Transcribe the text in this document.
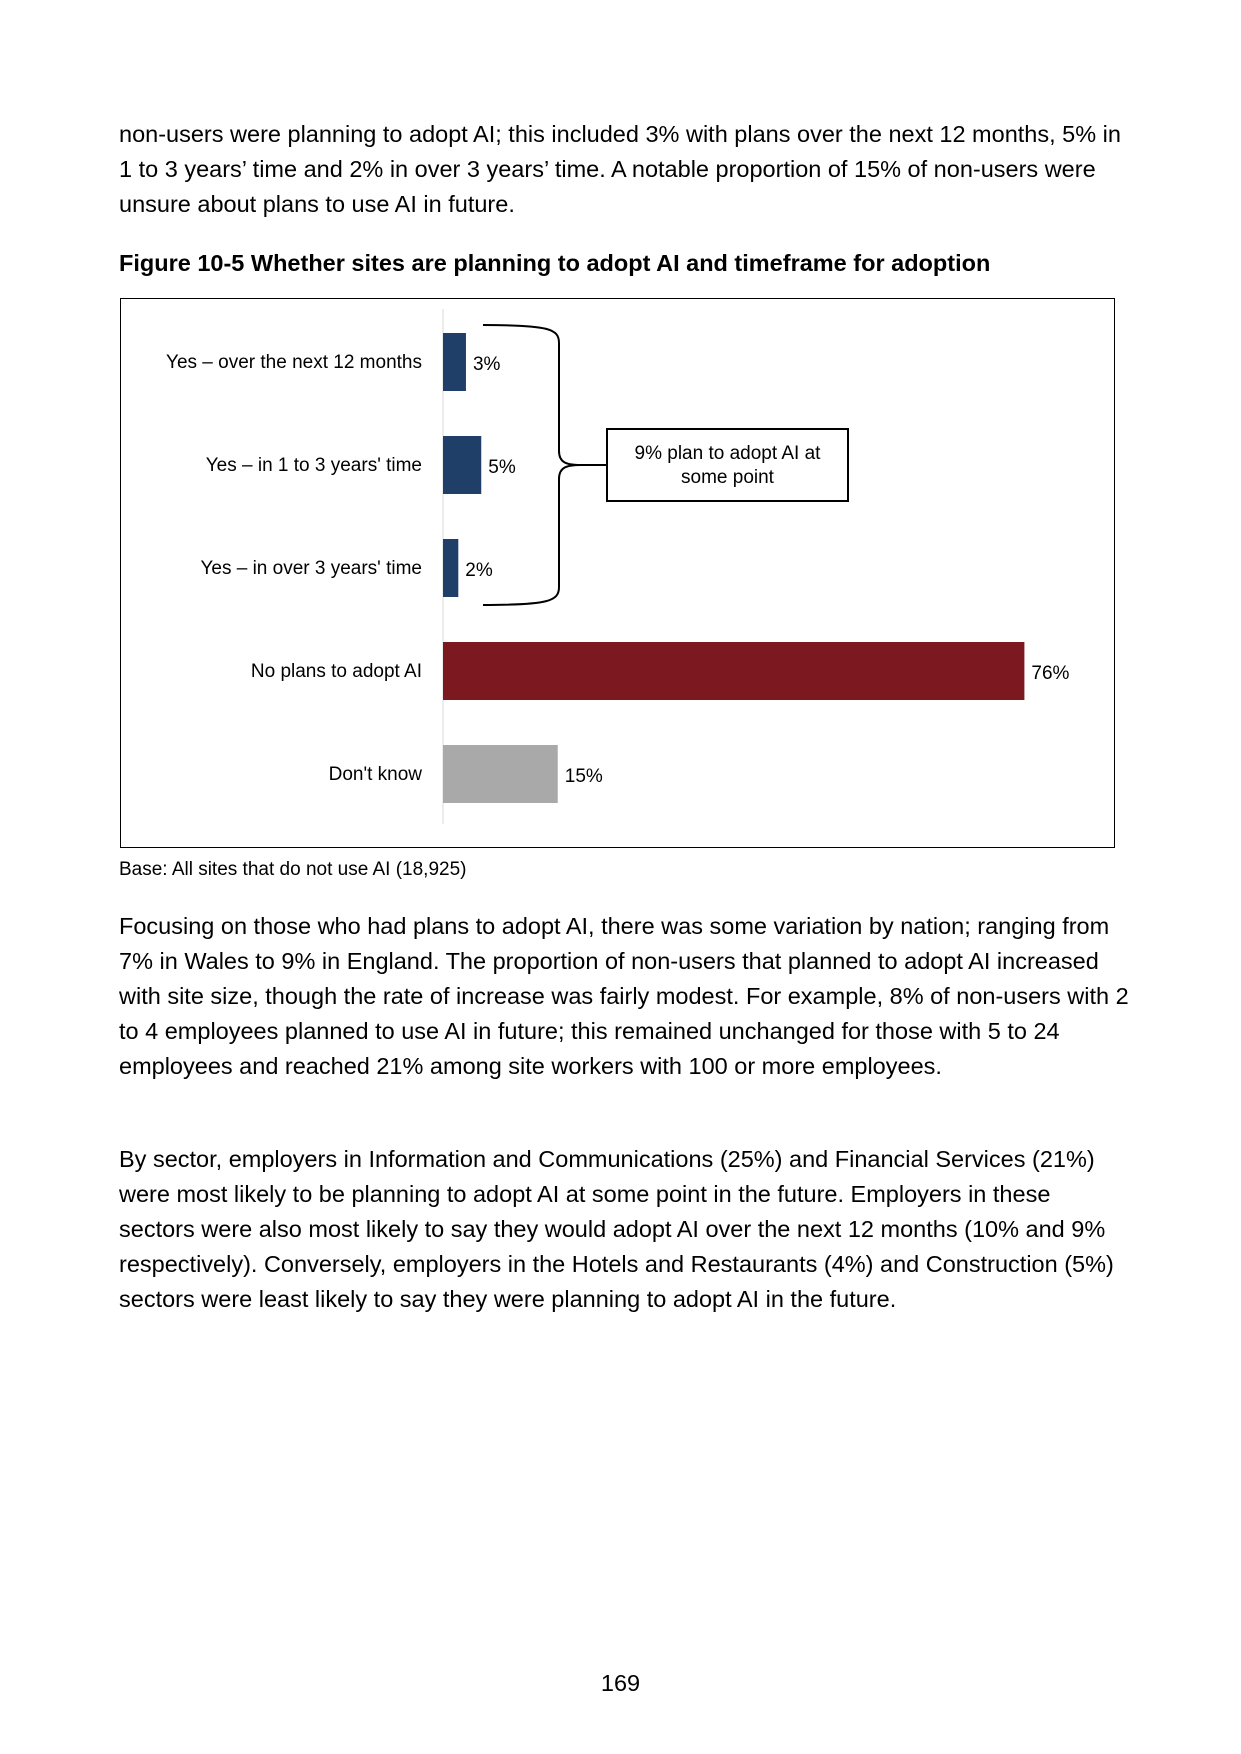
non-users were planning to adopt AI; this included 3% with plans over the next 12 months, 5% in 1 to 3 years’ time and 2% in over 3 years’ time. A notable proportion of 15% of non-users were unsure about plans to use AI in future.

Figure 10-5 Whether sites are planning to adopt AI and timeframe for adoption

Yes – over the next 12 months	3%
Yes – in 1 to 3 years' time	5%
Yes – in over 3 years' time 2%
No plans to adopt AI	76%
Don't know	15%
9% plan to adopt AI at
some point

Base: All sites that do not use AI (18,925)

Focusing on those who had plans to adopt AI, there was some variation by nation; ranging from 7% in Wales to 9% in England. The proportion of non-users that planned to adopt AI increased with site size, though the rate of increase was fairly modest. For example, 8% of non-users with 2 to 4 employees planned to use AI in future; this remained unchanged for those with 5 to 24 employees and reached 21% among site workers with 100 or more employees.

By sector, employers in Information and Communications (25%) and Financial Services (21%) were most likely to be planning to adopt AI at some point in the future. Employers in these sectors were also most likely to say they would adopt AI over the next 12 months (10% and 9% respectively). Conversely, employers in the Hotels and Restaurants (4%) and Construction (5%) sectors were least likely to say they were planning to adopt AI in the future.

169
